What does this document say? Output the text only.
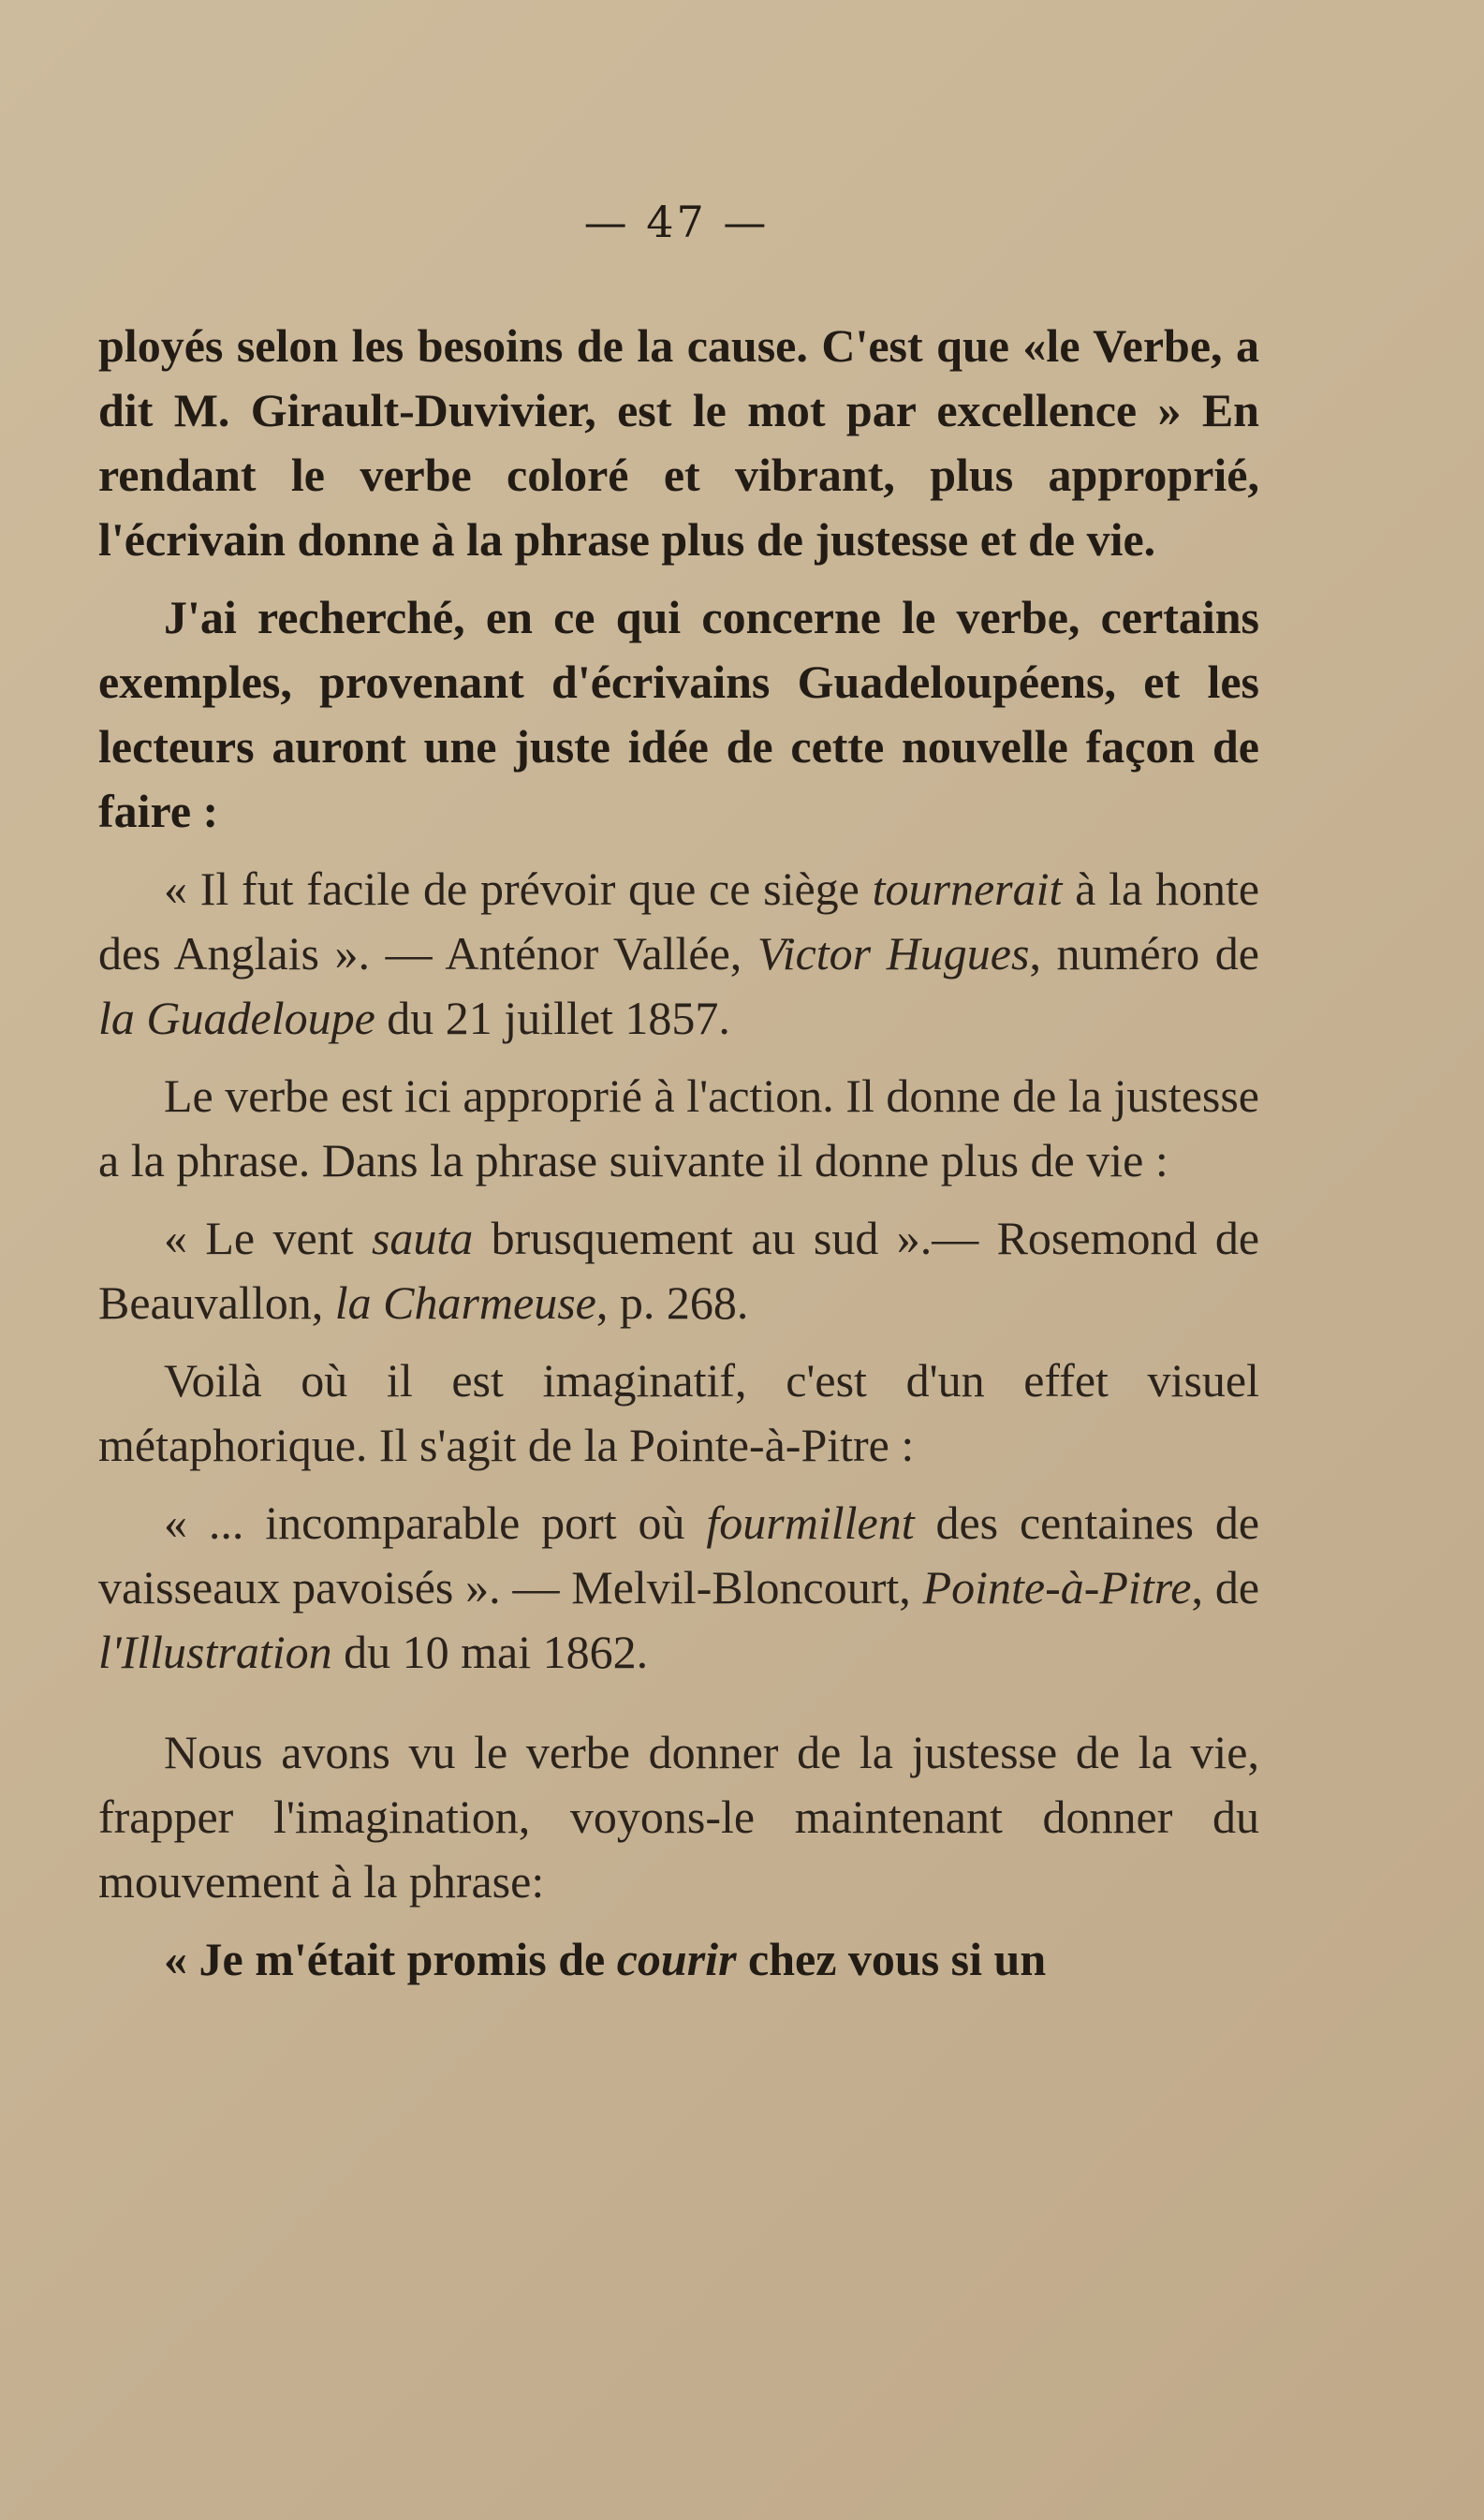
— 47 —

ployés selon les besoins de la cause. C'est que «le Verbe, a dit M. Girault-Duvivier, est le mot par excellence » En rendant le verbe coloré et vibrant, plus approprié, l'écrivain donne à la phrase plus de justesse et de vie.

J'ai recherché, en ce qui concerne le verbe, certains exemples, provenant d'écrivains Guadeloupéens, et les lecteurs auront une juste idée de cette nouvelle façon de faire :

« Il fut facile de prévoir que ce siège tournerait à la honte des Anglais ». — Anténor Vallée, Victor Hugues, numéro de la Guadeloupe du 21 juillet 1857.

Le verbe est ici approprié à l'action. Il donne de la justesse a la phrase. Dans la phrase suivante il donne plus de vie :

« Le vent sauta brusquement au sud ».— Rosemond de Beauvallon, la Charmeuse, p. 268.

Voilà où il est imaginatif, c'est d'un effet visuel métaphorique. Il s'agit de la Pointe-à-Pitre :

« ... incomparable port où fourmillent des centaines de vaisseaux pavoisés ». — Melvil-Bloncourt, Pointe-à-Pitre, de l'Illustration du 10 mai 1862.

Nous avons vu le verbe donner de la justesse de la vie, frapper l'imagination, voyons-le maintenant donner du mouvement à la phrase:

« Je m'était promis de courir chez vous si un
